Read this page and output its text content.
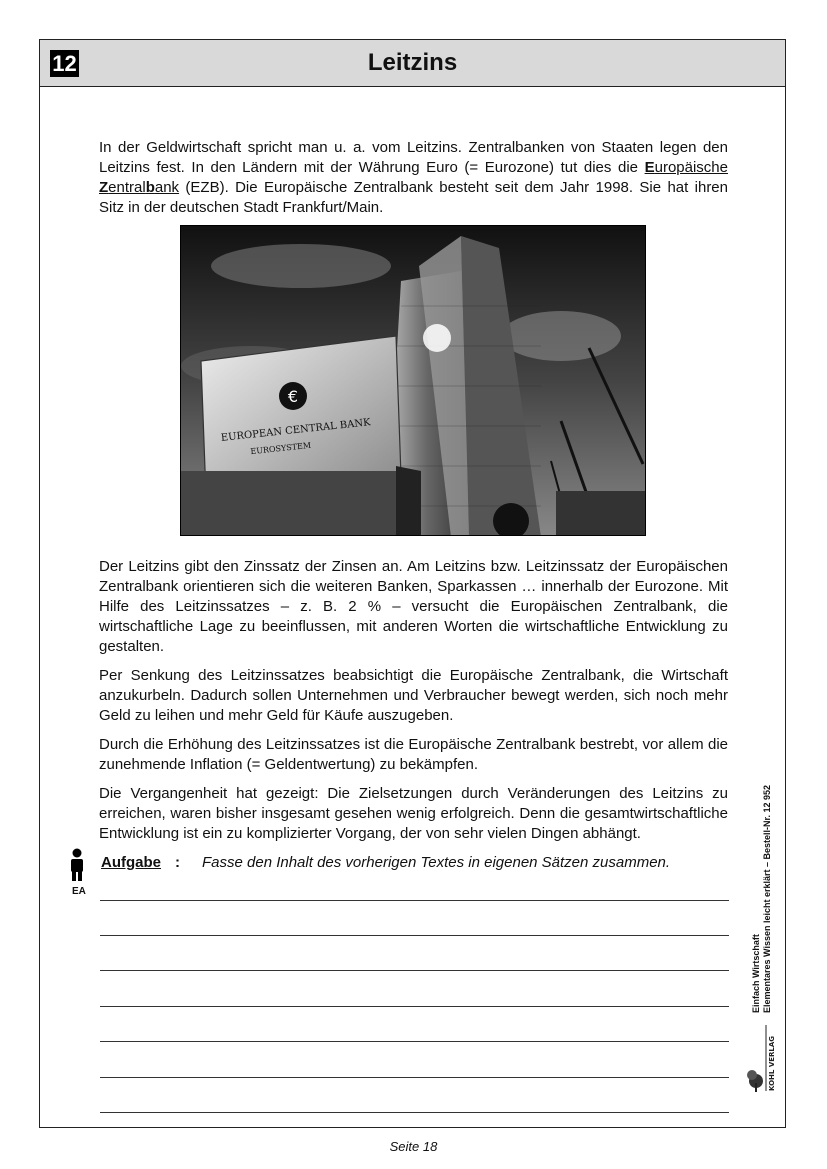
12	Leitzins

In der Geldwirtschaft spricht man u. a. vom Leitzins. Zentralbanken von Staaten legen den Leitzins fest. In den Ländern mit der Währung Euro (= Eurozone) tut dies die Europäische Zentralbank (EZB). Die Europäische Zentralbank besteht seit dem Jahr 1998. Sie hat ihren Sitz in der deutschen Stadt Frankfurt/Main.

€
EUROPEAN CENTRAL BANK
EUROSYSTEM

Der Leitzins gibt den Zinssatz der Zinsen an. Am Leitzins bzw. Leitzinssatz der Europäischen Zentralbank orientieren sich die weiteren Banken, Sparkassen … innerhalb der Eurozone. Mit Hilfe des Leitzinssatzes – z. B. 2 % – versucht die Europäischen Zentralbank, die wirtschaftliche Lage zu beeinflussen, mit anderen Worten die wirtschaftliche Entwicklung zu gestalten.

Per Senkung des Leitzinssatzes beabsichtigt die Europäische Zentralbank, die Wirtschaft anzukurbeln. Dadurch sollen Unternehmen und Verbraucher bewegt werden, sich noch mehr Geld zu leihen und mehr Geld für Käufe auszugeben.

Durch die Erhöhung des Leitzinssatzes ist die Europäische Zentralbank bestrebt, vor allem die zunehmende Inflation (= Geldentwertung) zu bekämpfen.

Die Vergangenheit hat gezeigt: Die Zielsetzungen durch Veränderungen des Leitzins zu erreichen, waren bisher insgesamt gesehen wenig erfolgreich. Denn die gesamtwirtschaftliche Entwicklung ist ein zu komplizierter Vorgang, der von sehr vielen Dingen abhängt.

EA
Aufgabe : Fasse den Inhalt des vorherigen Textes in eigenen Sätzen zusammen.
Einfach Wirtschaft Elementares Wissen leicht erklärt – Bestell-Nr. 12 952
KOHL VERLAG
Seite 18
